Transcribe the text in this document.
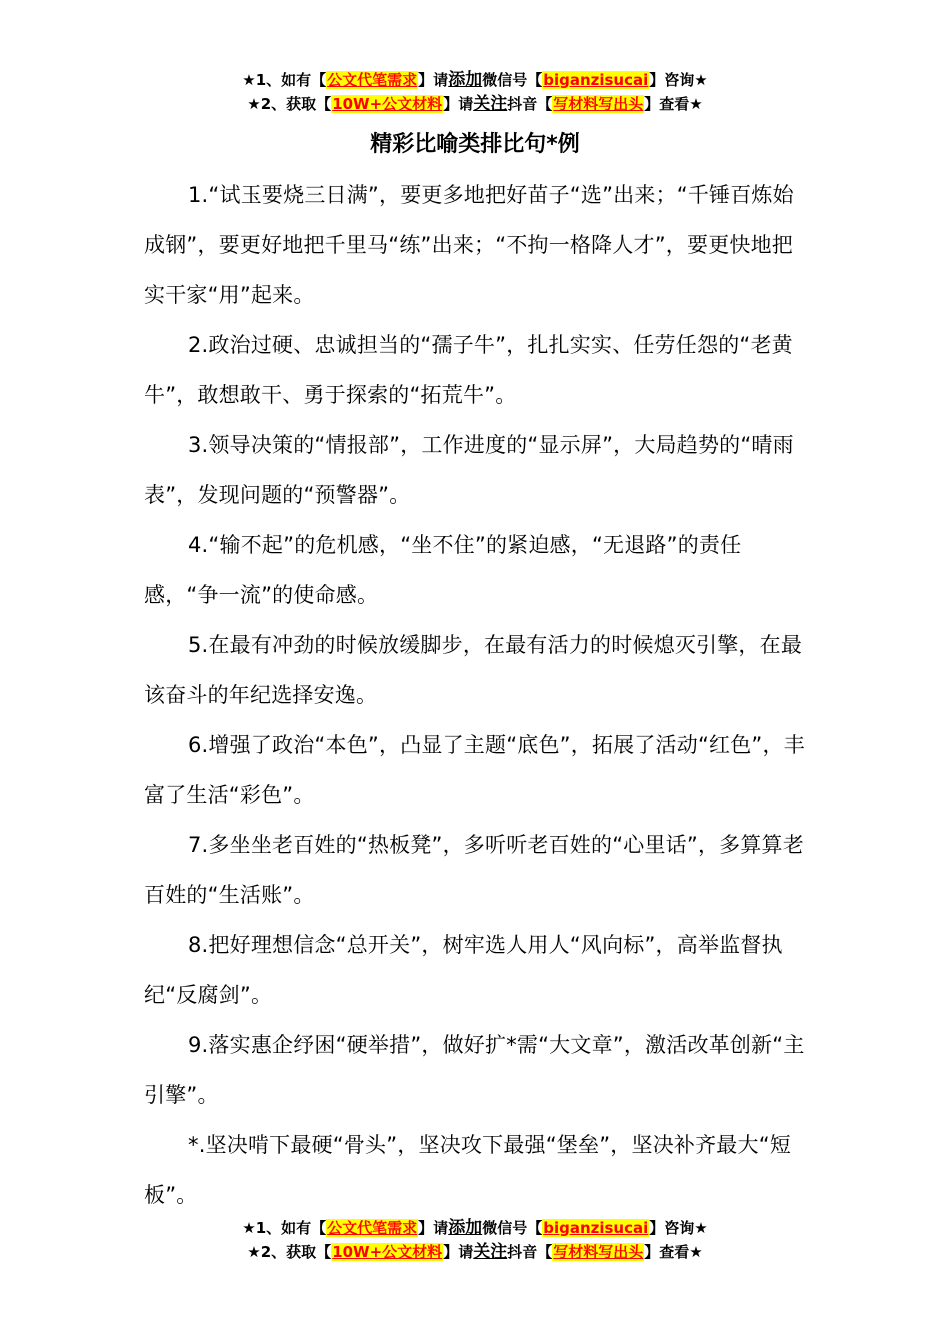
★1、如有【公文代笔需求】请添加微信号【biganzisucai】咨询★
★2、获取【10W+公文材料】请关注抖音【写材料写出头】查看★
精彩比喻类排比句*例

1.“试玉要烧三日满”，要更多地把好苗子“选”出来；“千锤百炼始成钢”，要更好地把千里马“练”出来；“不拘一格降人才”，要更快地把实干家“用”起来。

2.政治过硬、忠诚担当的“孺子牛”，扎扎实实、任劳任怨的“老黄牛”，敢想敢干、勇于探索的“拓荒牛”。

3.领导决策的“情报部”，工作进度的“显示屏”，大局趋势的“晴雨表”，发现问题的“预警器”。

4.“输不起”的危机感，“坐不住”的紧迫感，“无退路”的责任感，“争一流”的使命感。

5.在最有冲劲的时候放缓脚步，在最有活力的时候熄灭引擎，在最该奋斗的年纪选择安逸。

6.增强了政治“本色”，凸显了主题“底色”，拓展了活动“红色”，丰富了生活“彩色”。

7.多坐坐老百姓的“热板凳”，多听听老百姓的“心里话”，多算算老百姓的“生活账”。

8.把好理想信念“总开关”，树牢选人用人“风向标”，高举监督执纪“反腐剑”。

9.落实惠企纾困“硬举措”，做好扩*需“大文章”，激活改革创新“主引擎”。

*.坚决啃下最硬“骨头”，坚决攻下最强“堡垒”，坚决补齐最大“短板”。

★1、如有【公文代笔需求】请添加微信号【biganzisucai】咨询★
★2、获取【10W+公文材料】请关注抖音【写材料写出头】查看★
